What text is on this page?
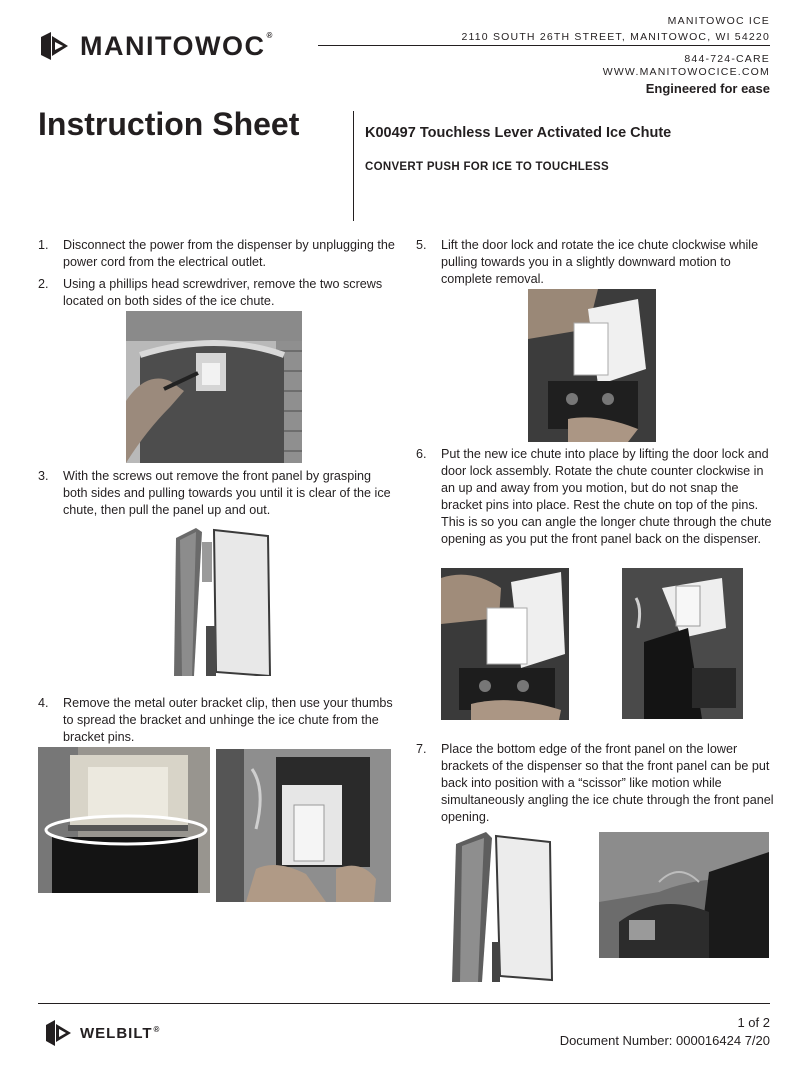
MANITOWOC®
MANITOWOC ICE
2110 SOUTH 26TH STREET, MANITOWOC, WI 54220
844-724-CARE
WWW.MANITOWOCICE.COM
Engineered for ease
Instruction Sheet	K00497 Touchless Lever Activated Ice Chute
CONVERT PUSH FOR ICE TO TOUCHLESS
1. Disconnect the power from the dispenser by unplugging the power cord from the electrical outlet.
2. Using a phillips head screwdriver, remove the two screws located on both sides of the ice chute.
3. With the screws out remove the front panel by grasping both sides and pulling towards you until it is clear of the ice chute, then pull the panel up and out.
4. Remove the metal outer bracket clip, then use your thumbs to spread the bracket and unhinge the ice chute from the bracket pins.
5. Lift the door lock and rotate the ice chute clockwise while pulling towards you in a slightly downward motion to complete removal.
6. Put the new ice chute into place by lifting the door lock and door lock assembly. Rotate the chute counter clockwise in an up and away from you motion, but do not snap the bracket pins into place. Rest the chute on top of the pins. This is so you can angle the longer chute through the chute opening as you put the front panel back on the dispenser.
7. Place the bottom edge of the front panel on the lower brackets of the dispenser so that the front panel can be put back into position with a “scissor” like motion while simultaneously angling the ice chute through the front panel opening.
WELBILT®	1 of 2
Document Number: 000016424 7/20
